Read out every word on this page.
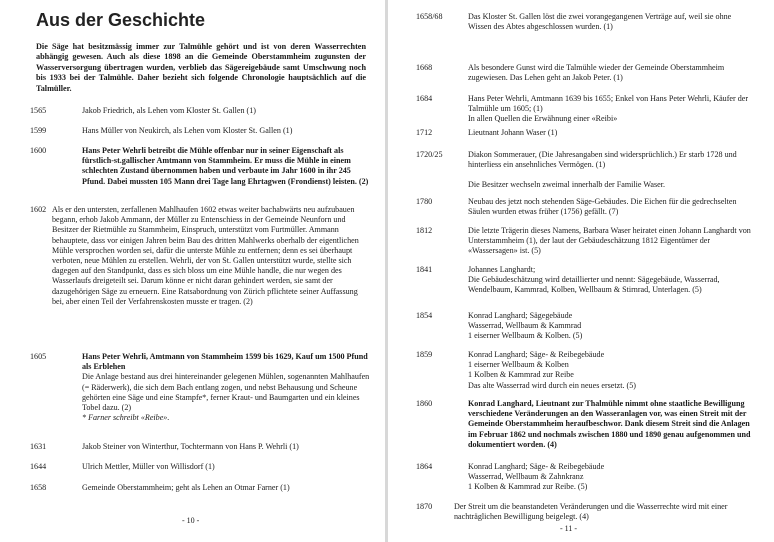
Aus der Geschichte
Die Säge hat besitzmässig immer zur Talmühle gehört und ist von deren Wasserrechten abhängig gewesen. Auch als diese 1898 an die Gemeinde Oberstammheim zugunsten der Wasserversorgung übertragen wurden, verblieb das Sägereigebäude samt Umschwung noch bis 1933 bei der Talmühle. Daher bezieht sich folgende Chronologie hauptsächlich auf die Talmüller.
1565	Jakob Friedrich, als Lehen vom Kloster St. Gallen (1)
1599	Hans Müller von Neukirch, als Lehen vom Kloster St. Gallen (1)
1600	Hans Peter Wehrli betreibt die Mühle offenbar nur in seiner Eigenschaft als fürstlich-st.gallischer Amtmann von Stammheim. Er muss die Mühle in einem schlechten Zustand übernommen haben und verbaute im Jahr 1600 in ihr 245 Pfund. Dabei mussten 105 Mann drei Tage lang Ehrtagwen (Frondienst) leisten. (2)
1602 Als er den untersten, zerfallenen Mahlhaufen 1602 etwas weiter bachabwärts neu aufzubauen begann, erhob Jakob Ammann, der Müller zu Entenschiess in der Gemeinde Neunforn und Besitzer der Rietmühle zu Stammheim, Einspruch, unterstützt vom Furtmüller. Ammann behauptete, dass vor einigen Jahren beim Bau des dritten Mahlwerks oberhalb der eigentlichen Mühle versprochen worden sei, dafür die unterste Mühle zu entfernen; denn es sei überhaupt verboten, neue Mühlen zu erstellen. Wehrli, der von St. Gallen unterstützt wurde, stellte sich dagegen auf den Standpunkt, dass es sich bloss um eine Mühle handle, die nur wegen des Wasserlaufs dreigeteilt sei. Darum könne er nicht daran gehindert werden, sie samt der dazugehörigen Säge zu erneuern. Eine Ratsabordnung von Zürich pflichtete seiner Auffassung bei, aber einen Teil der Verfahrenskosten musste er tragen. (2)
1605	Hans Peter Wehrli, Amtmann von Stammheim 1599 bis 1629, Kauf um 1500 Pfund als Erblehen
Die Anlage bestand aus drei hintereinander gelegenen Mühlen, sogenannten Mahlhaufen (= Räderwerk), die sich dem Bach entlang zogen, und nebst Behausung und Scheune gehörten eine Säge und eine Stampfe*, ferner Kraut- und Baumgarten und ein kleines Tobel dazu. (2)
* Farner schreibt «Reibe».
1631	Jakob Steiner von Winterthur, Tochtermann von Hans P. Wehrli (1)
1644	Ulrich Mettler, Müller von Willisdorf (1)
1658	Gemeinde Oberstammheim; geht als Lehen an Otmar Farner (1)
- 10 -
1658/68	Das Kloster St. Gallen löst die zwei vorangegangenen Verträge auf, weil sie ohne Wissen des Abtes abgeschlossen wurden. (1)
1668	Als besondere Gunst wird die Talmühle wieder der Gemeinde Oberstammheim zugewiesen. Das Lehen geht an Jakob Peter. (1)
1684	Hans Peter Wehrli, Amtmann 1639 bis 1655; Enkel von Hans Peter Wehrli, Käufer der Talmühle um 1605; (1)
In allen Quellen die Erwähnung einer «Reibi»
1712	Lieutnant Johann Waser (1)
1720/25	Diakon Sommerauer, (Die Jahresangaben sind widersprüchlich.) Er starb 1728 und hinterliess ein ansehnliches Vermögen. (1)
Die Besitzer wechseln zweimal innerhalb der Familie Waser.
1780	Neubau des jetzt noch stehenden Säge-Gebäudes. Die Eichen für die gedrechselten Säulen wurden etwas früher (1756) gefällt. (7)
1812	Die letzte Trägerin dieses Namens, Barbara Waser heiratet einen Johann Langhardt von Unterstammheim (1), der laut der Gebäudeschätzung 1812 Eigentümer der «Wassersagen» ist. (5)
1841	Johannes Langhardt;
Die Gebäudeschätzung wird detaillierter und nennt: Sägegebäude, Wasserrad, Wendelbaum, Kammrad, Kolben, Wellbaum & Stirnrad, Unterlagen. (5)
1854	Konrad Langhard; Sägegebäude
Wasserrad, Wellbaum & Kammrad
1 eiserner Wellbaum & Kolben. (5)
1859	Konrad Langhard; Säge- & Reibegebäude
1 eiserner Wellbaum & Kolben
1 Kolben & Kammrad zur Reibe
Das alte Wasserrad wird durch ein neues ersetzt. (5)
1860	Konrad Langhard, Lieutnant zur Thalmühle nimmt ohne staatliche Bewilligung verschiedene Veränderungen an den Wasseranlagen vor, was einen Streit mit der Gemeinde Oberstammheim heraufbeschwor. Dank diesem Streit sind die Anlagen im Februar 1862 und nochmals zwischen 1880 und 1890 genau aufgenommen und dokumentiert worden. (4)
1864	Konrad Langhard; Säge- & Reibegebäude
Wasserrad, Wellbaum & Zahnkranz
1 Kolben & Kammrad zur Reibe. (5)
1870	Der Streit um die beanstandeten Veränderungen und die Wasserrechte wird mit einer nachträglichen Bewilligung beigelegt. (4)
- 11 -
